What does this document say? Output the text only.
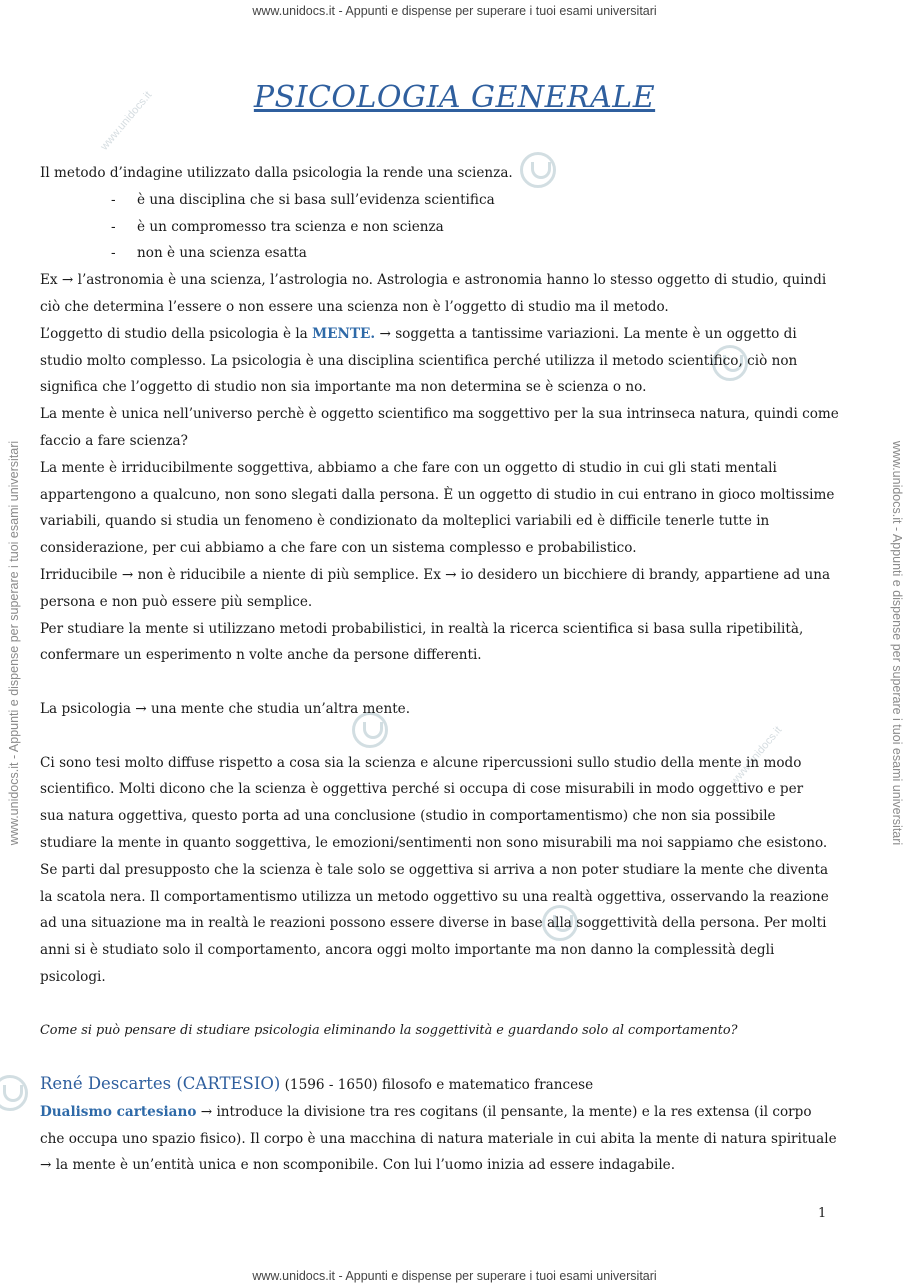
www.unidocs.it - Appunti e dispense per superare i tuoi esami universitari
www.unidocs.it - Appunti e dispense per superare i tuoi esami universitari	www.unidocs.it - Appunti e dispense per superare i tuoi esami universitari
www.unidocs.it
www.unidocs.it
PSICOLOGIA GENERALE

Il metodo d’indagine utilizzato dalla psicologia la rende una scienza.

- è una disciplina che si basa sull’evidenza scientifica
- è un compromesso tra scienza e non scienza
- non è una scienza esatta

Ex → l’astronomia è una scienza, l’astrologia no. Astrologia e astronomia hanno lo stesso oggetto di studio, quindi ciò che determina l’essere o non essere una scienza non è l’oggetto di studio ma il metodo.

L’oggetto di studio della psicologia è la MENTE. → soggetta a tantissime variazioni. La mente è un oggetto di studio molto complesso. La psicologia è una disciplina scientifica perché utilizza il metodo scientifico, ciò non significa che l’oggetto di studio non sia importante ma non determina se è scienza o no.

La mente è unica nell’universo perchè è oggetto scientifico ma soggettivo per la sua intrinseca natura, quindi come faccio a fare scienza?

La mente è irriducibilmente soggettiva, abbiamo a che fare con un oggetto di studio in cui gli stati mentali appartengono a qualcuno, non sono slegati dalla persona. È un oggetto di studio in cui entrano in gioco moltissime variabili, quando si studia un fenomeno è condizionato da molteplici variabili ed è difficile tenerle tutte in considerazione, per cui abbiamo a che fare con un sistema complesso e probabilistico.

Irriducibile → non è riducibile a niente di più semplice. Ex → io desidero un bicchiere di brandy, appartiene ad una persona e non può essere più semplice.

Per studiare la mente si utilizzano metodi probabilistici, in realtà la ricerca scientifica si basa sulla ripetibilità, confermare un esperimento n volte anche da persone differenti.

La psicologia → una mente che studia un’altra mente.

Ci sono tesi molto diffuse rispetto a cosa sia la scienza e alcune ripercussioni sullo studio della mente in modo scientifico. Molti dicono che la scienza è oggettiva perché si occupa di cose misurabili in modo oggettivo e per sua natura oggettiva, questo porta ad una conclusione (studio in comportamentismo) che non sia possibile studiare la mente in quanto soggettiva, le emozioni/sentimenti non sono misurabili ma noi sappiamo che esistono. Se parti dal presupposto che la scienza è tale solo se oggettiva si arriva a non poter studiare la mente che diventa la scatola nera. Il comportamentismo utilizza un metodo oggettivo su una realtà oggettiva, osservando la reazione ad una situazione ma in realtà le reazioni possono essere diverse in base alla soggettività della persona. Per molti anni si è studiato solo il comportamento, ancora oggi molto importante ma non danno la complessità degli psicologi.

Come si può pensare di studiare psicologia eliminando la soggettività e guardando solo al comportamento?

René Descartes (CARTESIO) (1596 - 1650) filosofo e matematico francese

Dualismo cartesiano → introduce la divisione tra res cogitans (il pensante, la mente) e la res extensa (il corpo che occupa uno spazio fisico). Il corpo è una macchina di natura materiale in cui abita la mente di natura spirituale → la mente è un’entità unica e non scomponibile. Con lui l’uomo inizia ad essere indagabile.

1
www.unidocs.it - Appunti e dispense per superare i tuoi esami universitari
